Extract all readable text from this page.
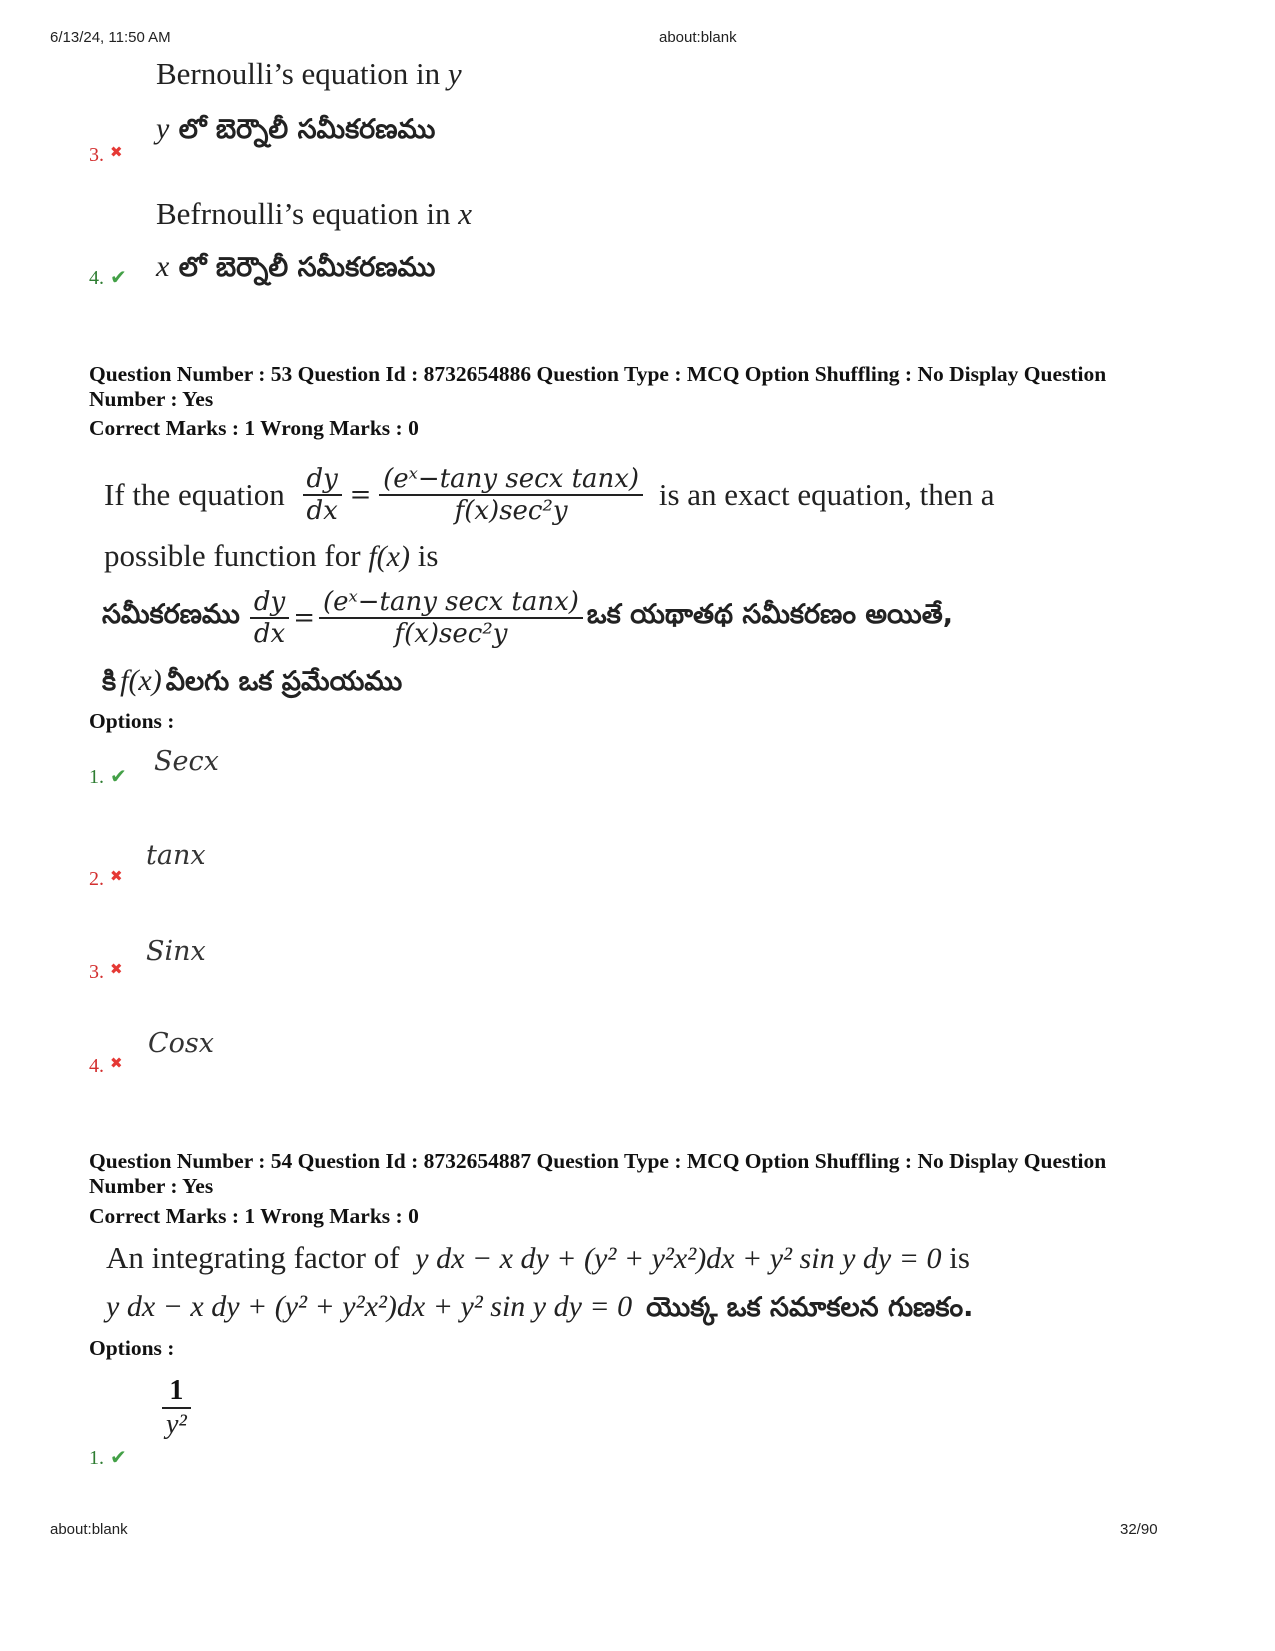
6/13/24, 11:50 AM	about:blank
Bernoulli’s equation in y
y లో బెర్నౌలీ సమీకరణము
3. ✖
Befrnoulli’s equation in x
x లో బెర్నౌలీ సమీకరణము
4. ✔
Question Number : 53 Question Id : 8732654886 Question Type : MCQ Option Shuffling : No Display Question Number : Yes
Correct Marks : 1 Wrong Marks : 0
If the equation $\frac{dy}{dx} = \frac{\text{(eˣ−tany secx tanx)}}{\text{f(x)sec²y}}$ is an exact equation, then a
possible function for f(x) is
సమీకరణము $\frac{dy}{dx} = \frac{\text{(eˣ−tany secx tanx)}}{\text{f(x)sec²y}}$ ఒక యథాతథ సమీకరణం అయితే,
కి f(x) వీలగు ఒక ప్రమేయము
Options :
Secx
1. ✔
tanx
2. ✖
Sinx
3. ✖
Cosx
4. ✖
Question Number : 54 Question Id : 8732654887 Question Type : MCQ Option Shuffling : No Display Question Number : Yes
Correct Marks : 1 Wrong Marks : 0
An integrating factor of y dx − x dy + (y² + y²x²)dx + y² sin y dy = 0 is
y dx − x dy + (y² + y²x²)dx + y² sin y dy = 0 యొక్క ఒక సమాకలన గుణకం.
Options :
$\frac{1}{\text{y²}}$
1. ✔
about:blank	32/90
